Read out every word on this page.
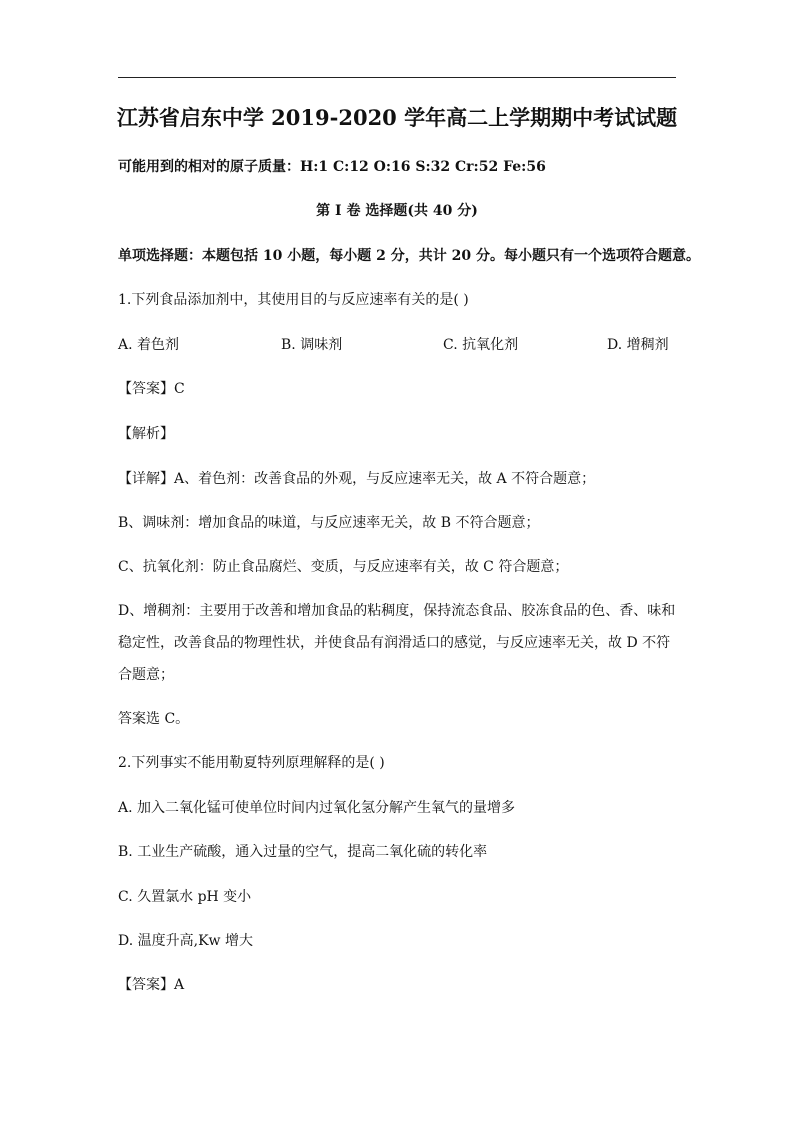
江苏省启东中学 2019-2020 学年高二上学期期中考试试题
可能用到的相对的原子质量：H:1 C:12 O:16 S:32 Cr:52 Fe:56
第 I 卷 选择题(共 40 分)
单项选择题：本题包括 10 小题，每小题 2 分，共计 20 分。每小题只有一个选项符合题意。
1.下列食品添加剂中，其使用目的与反应速率有关的是( )
A. 着色剂	B. 调味剂	C. 抗氧化剂	D. 增稠剂
【答案】C
【解析】
【详解】A、着色剂：改善食品的外观，与反应速率无关，故 A 不符合题意；
B、调味剂：增加食品的味道，与反应速率无关，故 B 不符合题意；
C、抗氧化剂：防止食品腐烂、变质，与反应速率有关，故 C 符合题意；
D、增稠剂：主要用于改善和增加食品的粘稠度，保持流态食品、胶冻食品的色、香、味和
稳定性，改善食品的物理性状，并使食品有润滑适口的感觉，与反应速率无关，故 D 不符
合题意；
答案选 C。
2.下列事实不能用勒夏特列原理解释的是( )
A. 加入二氧化锰可使单位时间内过氧化氢分解产生氧气的量增多
B. 工业生产硫酸，通入过量的空气，提高二氧化硫的转化率
C. 久置氯水 pH 变小
D. 温度升高,Kw 增大
【答案】A
